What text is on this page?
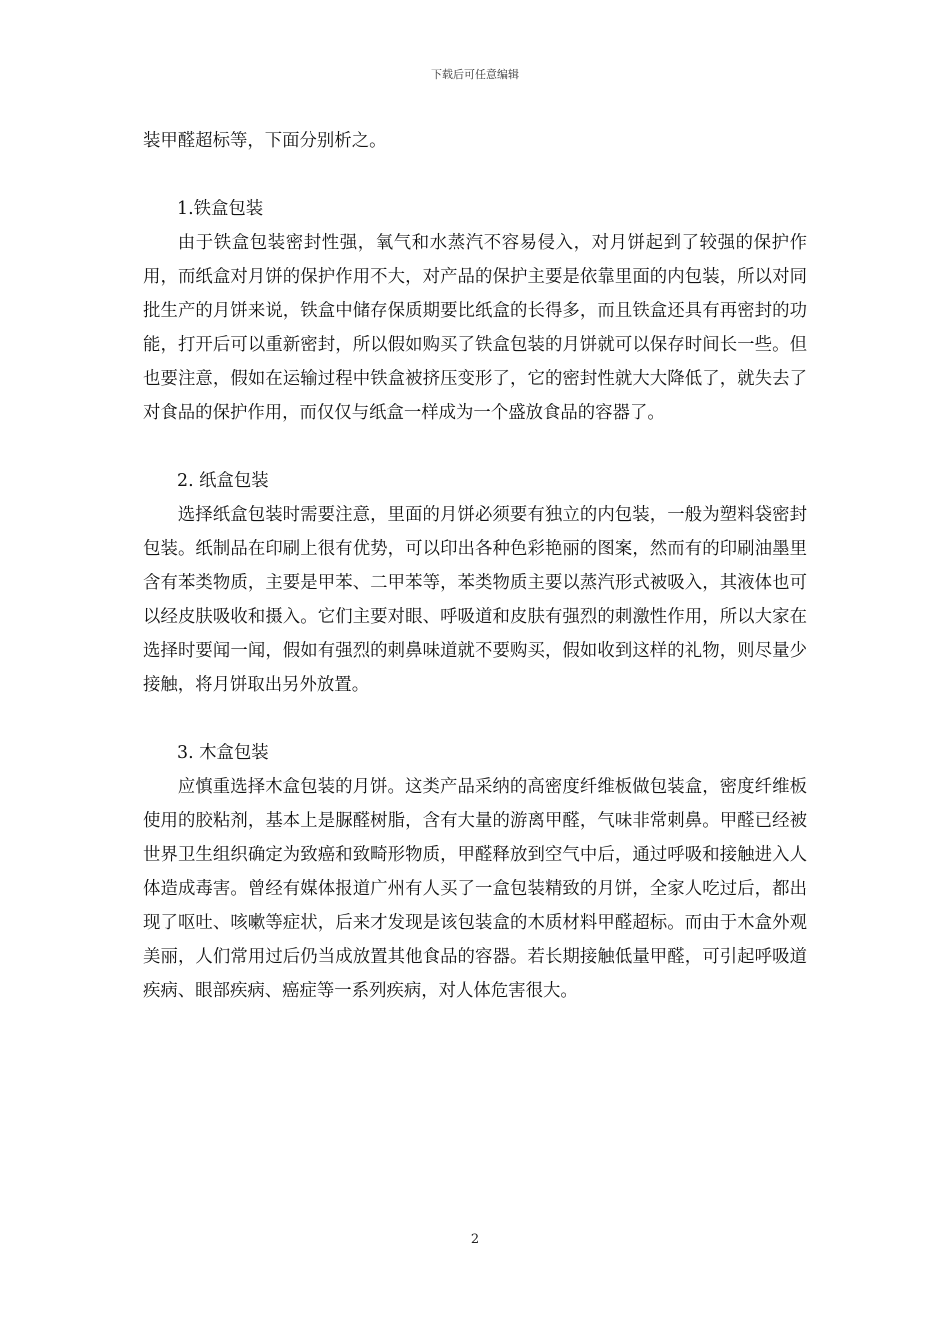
下载后可任意编辑

装甲醛超标等，下面分别析之。

1.铁盒包装

由于铁盒包装密封性强，氧气和水蒸汽不容易侵入，对月饼起到了较强的保护作用，而纸盒对月饼的保护作用不大，对产品的保护主要是依靠里面的内包装，所以对同批生产的月饼来说，铁盒中储存保质期要比纸盒的长得多，而且铁盒还具有再密封的功能，打开后可以重新密封，所以假如购买了铁盒包装的月饼就可以保存时间长一些。但也要注意，假如在运输过程中铁盒被挤压变形了，它的密封性就大大降低了，就失去了对食品的保护作用，而仅仅与纸盒一样成为一个盛放食品的容器了。

2. 纸盒包装

选择纸盒包装时需要注意，里面的月饼必须要有独立的内包装，一般为塑料袋密封包装。纸制品在印刷上很有优势，可以印出各种色彩艳丽的图案，然而有的印刷油墨里含有苯类物质，主要是甲苯、二甲苯等，苯类物质主要以蒸汽形式被吸入，其液体也可以经皮肤吸收和摄入。它们主要对眼、呼吸道和皮肤有强烈的刺激性作用，所以大家在选择时要闻一闻，假如有强烈的刺鼻味道就不要购买，假如收到这样的礼物，则尽量少接触，将月饼取出另外放置。

3. 木盒包装

应慎重选择木盒包装的月饼。这类产品采纳的高密度纤维板做包装盒，密度纤维板使用的胶粘剂，基本上是脲醛树脂，含有大量的游离甲醛，气味非常刺鼻。甲醛已经被世界卫生组织确定为致癌和致畸形物质，甲醛释放到空气中后，通过呼吸和接触进入人体造成毒害。曾经有媒体报道广州有人买了一盒包装精致的月饼，全家人吃过后，都出现了呕吐、咳嗽等症状，后来才发现是该包装盒的木质材料甲醛超标。而由于木盒外观美丽，人们常用过后仍当成放置其他食品的容器。若长期接触低量甲醛，可引起呼吸道疾病、眼部疾病、癌症等一系列疾病，对人体危害很大。

2
